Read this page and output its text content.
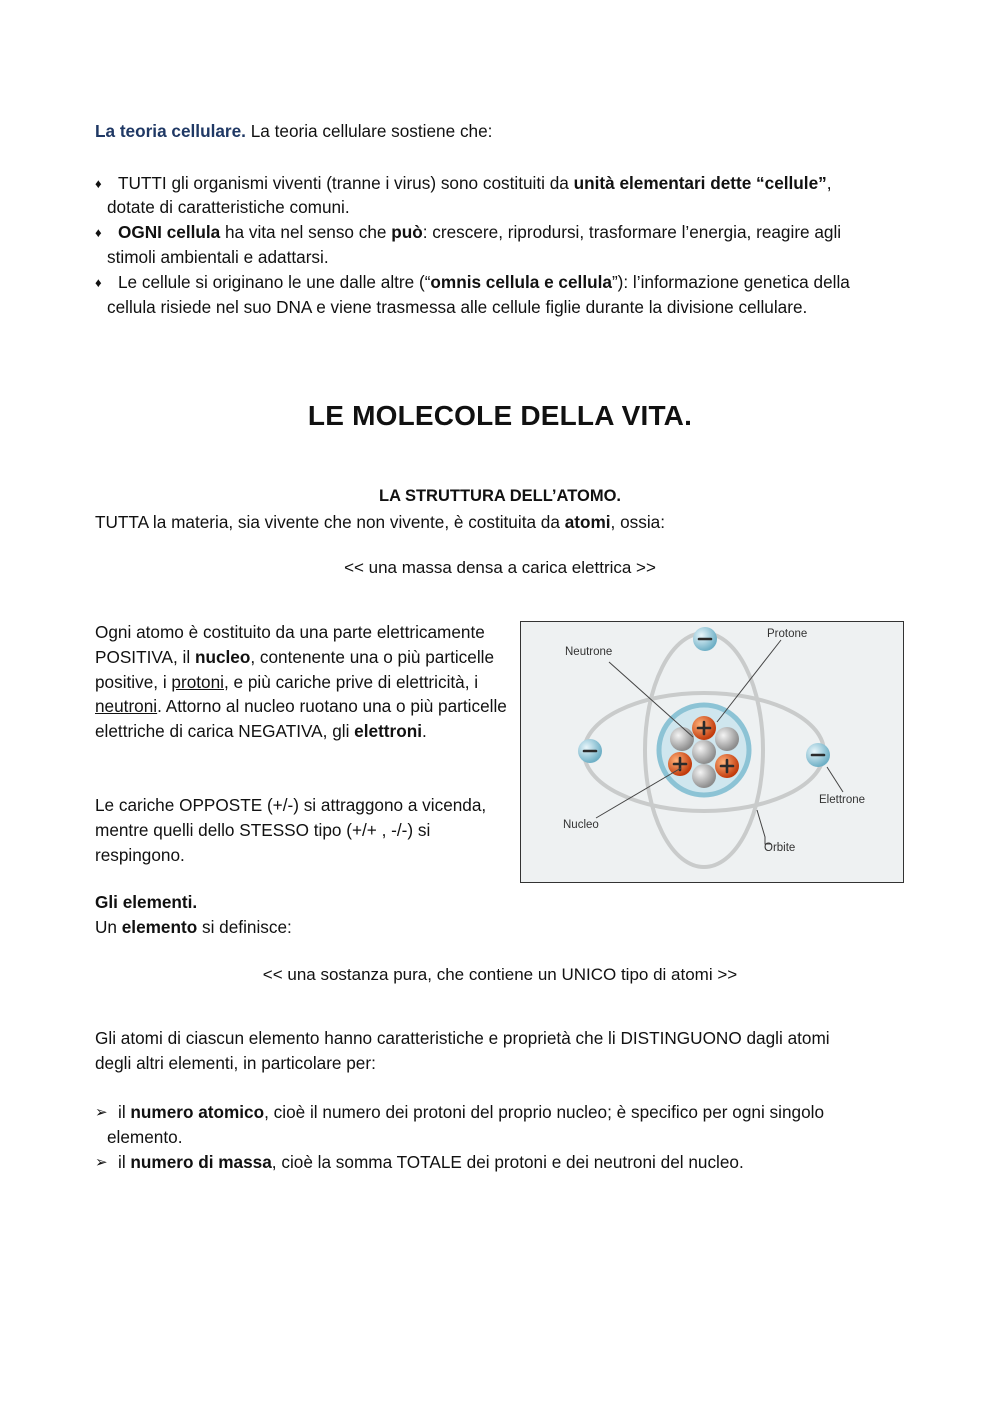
La teoria cellulare. La teoria cellulare sostiene che:
♦ TUTTI gli organismi viventi (tranne i virus) sono costituiti da unità elementari dette “cellule”,
dotate di caratteristiche comuni.
♦ OGNI cellula ha vita nel senso che può: crescere, riprodursi, trasformare l’energia, reagire agli
stimoli ambientali e adattarsi.
♦ Le cellule si originano le une dalle altre (“omnis cellula e cellula”): l’informazione genetica della
cellula risiede nel suo DNA e viene trasmessa alle cellule figlie durante la divisione cellulare.
LE MOLECOLE DELLA VITA.
LA STRUTTURA DELL’ATOMO.
TUTTA la materia, sia vivente che non vivente, è costituita da atomi, ossia:
<< una massa densa a carica elettrica >>
Ogni atomo è costituito da una parte elettricamente POSITIVA, il nucleo, contenente una o più particelle positive, i protoni, e più cariche prive di elettricità, i neutroni. Attorno al nucleo ruotano una o più particelle elettriche di carica NEGATIVA, gli elettroni.
Le cariche OPPOSTE (+/-) si attraggono a vicenda, mentre quelli dello STESSO tipo (+/+ , -/-) si respingono.
Neutrone
Protone
Elettrone
Nucleo
Orbite
Gli elementi.
Un elemento si definisce:
<< una sostanza pura, che contiene un UNICO tipo di atomi >>
Gli atomi di ciascun elemento hanno caratteristiche e proprietà che li DISTINGUONO dagli atomi
degli altri elementi, in particolare per:
➢ il numero atomico, cioè il numero dei protoni del proprio nucleo; è specifico per ogni singolo
elemento.
➢ il numero di massa, cioè la somma TOTALE dei protoni e dei neutroni del nucleo.
